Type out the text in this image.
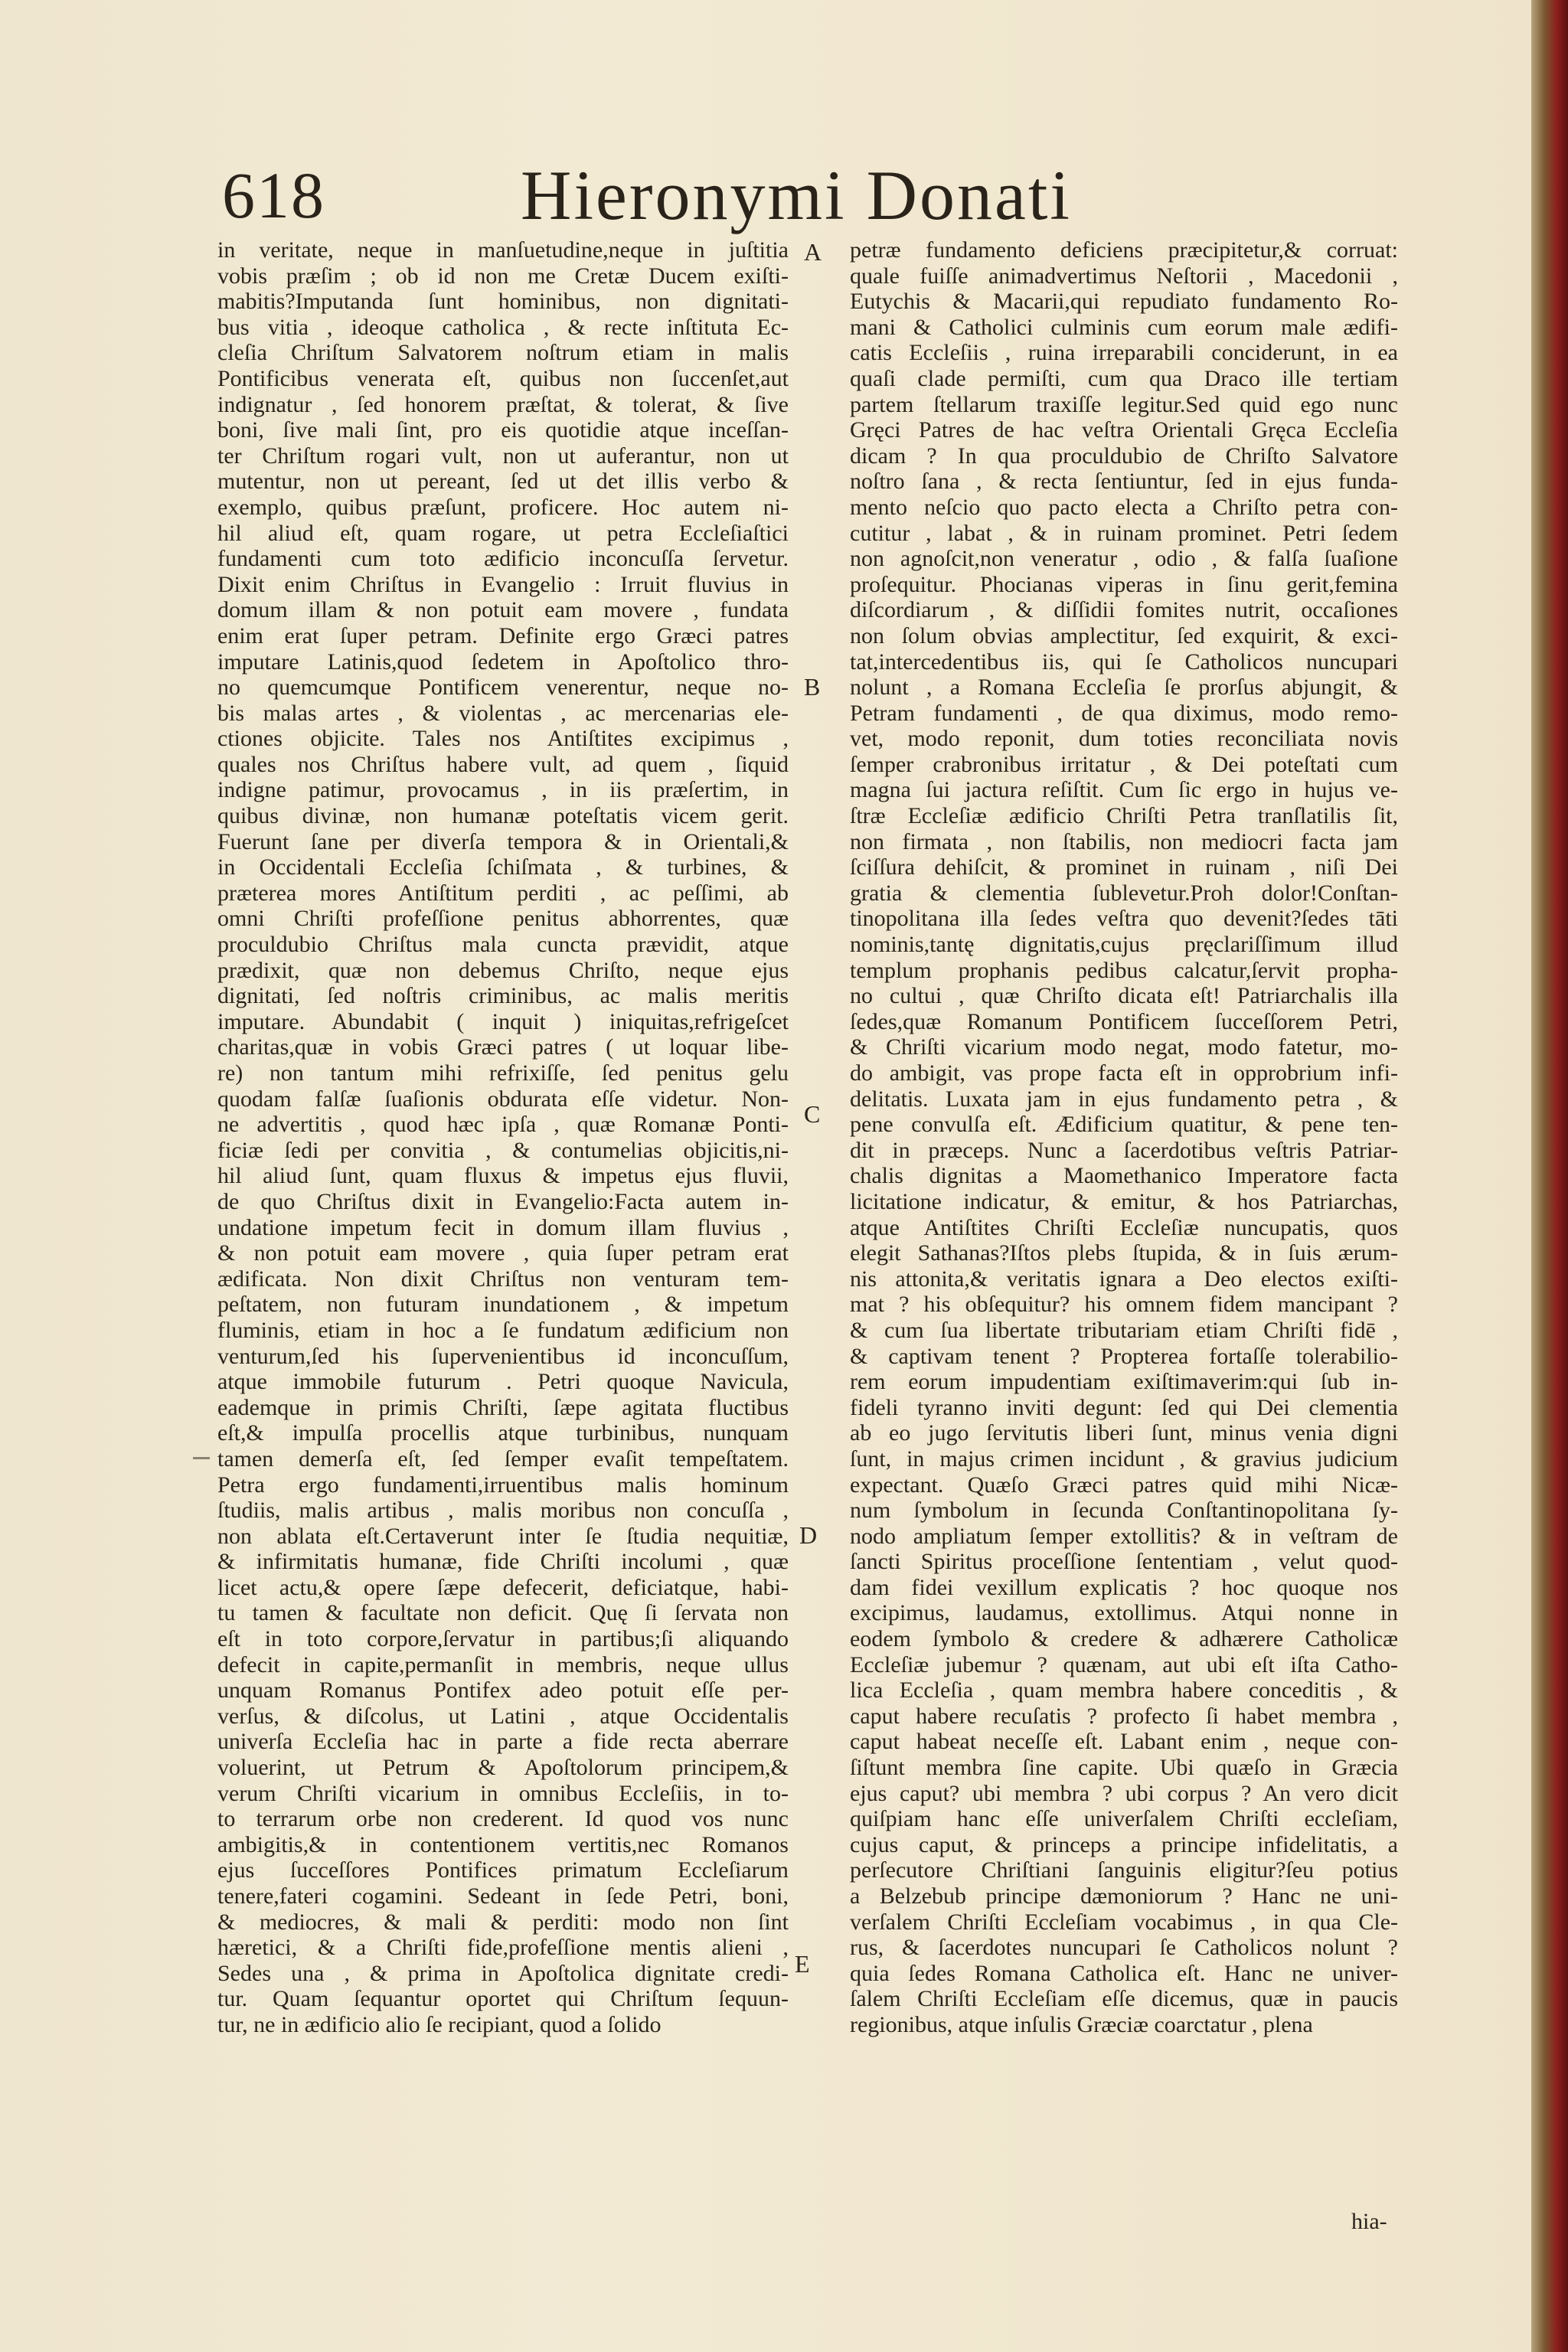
618	Hieronymi Donati

in veritate, neque in manſuetudine,neque in juſtitia

vobis præſim ; ob id non me Cretæ Ducem exiſti-

mabitis?Imputanda ſunt hominibus, non dignitati-

bus vitia , ideoque catholica , & recte inſtituta Ec-

cleſia Chriſtum Salvatorem noſtrum etiam in malis

Pontificibus venerata eſt, quibus non ſuccenſet,aut

indignatur , ſed honorem præſtat, & tolerat, & ſive

boni, ſive mali ſint, pro eis quotidie atque inceſſan-

ter Chriſtum rogari vult, non ut auferantur, non ut

mutentur, non ut pereant, ſed ut det illis verbo &

exemplo, quibus præſunt, proficere. Hoc autem ni-

hil aliud eſt, quam rogare, ut petra Eccleſiaſtici

fundamenti cum toto ædificio inconcuſſa ſervetur.

Dixit enim Chriſtus in Evangelio : Irruit fluvius in

domum illam & non potuit eam movere , fundata

enim erat ſuper petram. Definite ergo Græci patres

imputare Latinis,quod ſedetem in Apoſtolico thro-

no quemcumque Pontificem venerentur, neque no-

bis malas artes , & violentas , ac mercenarias ele-

ctiones objicite. Tales nos Antiſtites excipimus ,

quales nos Chriſtus habere vult, ad quem , ſiquid

indigne patimur, provocamus , in iis præſertim, in

quibus divinæ, non humanæ poteſtatis vicem gerit.

Fuerunt ſane per diverſa tempora & in Orientali,&

in Occidentali Eccleſia ſchiſmata , & turbines, &

præterea mores Antiſtitum perditi , ac peſſimi, ab

omni Chriſti profeſſione penitus abhorrentes, quæ

proculdubio Chriſtus mala cuncta prævidit, atque

prædixit, quæ non debemus Chriſto, neque ejus

dignitati, ſed noſtris criminibus, ac malis meritis

imputare. Abundabit ( inquit ) iniquitas,refrigeſcet

charitas,quæ in vobis Græci patres ( ut loquar libe-

re) non tantum mihi refrixiſſe, ſed penitus gelu

quodam falſæ ſuaſionis obdurata eſſe videtur. Non-

ne advertitis , quod hæc ipſa , quæ Romanæ Ponti-

ficiæ ſedi per convitia , & contumelias objicitis,ni-

hil aliud ſunt, quam fluxus & impetus ejus fluvii,

de quo Chriſtus dixit in Evangelio:Facta autem in-

undatione impetum fecit in domum illam fluvius ,

& non potuit eam movere , quia ſuper petram erat

ædificata. Non dixit Chriſtus non venturam tem-

peſtatem, non futuram inundationem , & impetum

fluminis, etiam in hoc a ſe fundatum ædificium non

venturum,ſed his ſupervenientibus id inconcuſſum,

atque immobile futurum . Petri quoque Navicula,

eademque in primis Chriſti, ſæpe agitata fluctibus

eſt,& impulſa procellis atque turbinibus, nunquam

tamen demerſa eſt, ſed ſemper evaſit tempeſtatem.

Petra ergo fundamenti,irruentibus malis hominum

ſtudiis, malis artibus , malis moribus non concuſſa ,

non ablata eſt.Certaverunt inter ſe ſtudia nequitiæ,

& infirmitatis humanæ, fide Chriſti incolumi , quæ

licet actu,& opere ſæpe defecerit, deficiatque, habi-

tu tamen & facultate non deficit. Quę ſi ſervata non

eſt in toto corpore,ſervatur in partibus;ſi aliquando

defecit in capite,permanſit in membris, neque ullus

unquam Romanus Pontifex adeo potuit eſſe per-

verſus, & diſcolus, ut Latini , atque Occidentalis

univerſa Eccleſia hac in parte a fide recta aberrare

voluerint, ut Petrum & Apoſtolorum principem,&

verum Chriſti vicarium in omnibus Eccleſiis, in to-

to terrarum orbe non crederent. Id quod vos nunc

ambigitis,& in contentionem vertitis,nec Romanos

ejus ſucceſſores Pontifices primatum Eccleſiarum

tenere,fateri cogamini. Sedeant in ſede Petri, boni,

& mediocres, & mali & perditi: modo non ſint

hæretici, & a Chriſti fide,profeſſione mentis alieni ,

Sedes una , & prima in Apoſtolica dignitate credi-

tur. Quam ſequantur oportet qui Chriſtum ſequun-

tur, ne in ædificio alio ſe recipiant, quod a ſolido

petræ fundamento deficiens præcipitetur,& corruat:

quale fuiſſe animadvertimus Neſtorii , Macedonii ,

Eutychis & Macarii,qui repudiato fundamento Ro-

mani & Catholici culminis cum eorum male ædifi-

catis Eccleſiis , ruina irreparabili conciderunt, in ea

quaſi clade permiſti, cum qua Draco ille tertiam

partem ſtellarum traxiſſe legitur.Sed quid ego nunc

Gręci Patres de hac veſtra Orientali Gręca Eccleſia

dicam ? In qua proculdubio de Chriſto Salvatore

noſtro ſana , & recta ſentiuntur, ſed in ejus funda-

mento neſcio quo pacto electa a Chriſto petra con-

cutitur , labat , & in ruinam prominet. Petri ſedem

non agnoſcit,non veneratur , odio , & falſa ſuaſione

proſequitur. Phocianas viperas in ſinu gerit,femina

diſcordiarum , & diſſidii fomites nutrit, occaſiones

non ſolum obvias amplectitur, ſed exquirit, & exci-

tat,intercedentibus iis, qui ſe Catholicos nuncupari

nolunt , a Romana Eccleſia ſe prorſus abjungit, &

Petram fundamenti , de qua diximus, modo remo-

vet, modo reponit, dum toties reconciliata novis

ſemper crabronibus irritatur , & Dei poteſtati cum

magna ſui jactura reſiſtit. Cum ſic ergo in hujus ve-

ſtræ Eccleſiæ ædificio Chriſti Petra tranſlatilis ſit,

non firmata , non ſtabilis, non mediocri facta jam

ſciſſura dehiſcit, & prominet in ruinam , niſi Dei

gratia & clementia ſublevetur.Proh dolor!Conſtan-

tinopolitana illa ſedes veſtra quo devenit?ſedes tāti

nominis,tantę dignitatis,cujus pręclariſſimum illud

templum prophanis pedibus calcatur,ſervit propha-

no cultui , quæ Chriſto dicata eſt! Patriarchalis illa

ſedes,quæ Romanum Pontificem ſucceſſorem Petri,

& Chriſti vicarium modo negat, modo fatetur, mo-

do ambigit, vas prope facta eſt in opprobrium infi-

delitatis. Luxata jam in ejus fundamento petra , &

pene convulſa eſt. Ædificium quatitur, & pene ten-

dit in præceps. Nunc a ſacerdotibus veſtris Patriar-

chalis dignitas a Maomethanico Imperatore facta

licitatione indicatur, & emitur, & hos Patriarchas,

atque Antiſtites Chriſti Eccleſiæ nuncupatis, quos

elegit Sathanas?Iſtos plebs ſtupida, & in ſuis ærum-

nis attonita,& veritatis ignara a Deo electos exiſti-

mat ? his obſequitur? his omnem fidem mancipant ?

& cum ſua libertate tributariam etiam Chriſti fidē ,

& captivam tenent ? Propterea fortaſſe tolerabilio-

rem eorum impudentiam exiſtimaverim:qui ſub in-

fideli tyranno inviti degunt: ſed qui Dei clementia

ab eo jugo ſervitutis liberi ſunt, minus venia digni

ſunt, in majus crimen incidunt , & gravius judicium

expectant. Quæſo Græci patres quid mihi Nicæ-

num ſymbolum in ſecunda Conſtantinopolitana ſy-

nodo ampliatum ſemper extollitis? & in veſtram de

ſancti Spiritus proceſſione ſententiam , velut quod-

dam fidei vexillum explicatis ? hoc quoque nos

excipimus, laudamus, extollimus. Atqui nonne in

eodem ſymbolo & credere & adhærere Catholicæ

Eccleſiæ jubemur ? quænam, aut ubi eſt iſta Catho-

lica Eccleſia , quam membra habere conceditis , &

caput habere recuſatis ? profecto ſi habet membra ,

caput habeat neceſſe eſt. Labant enim , neque con-

ſiſtunt membra ſine capite. Ubi quæſo in Græcia

ejus caput? ubi membra ? ubi corpus ? An vero dicit

quiſpiam hanc eſſe univerſalem Chriſti eccleſiam,

cujus caput, & princeps a principe infidelitatis, a

perſecutore Chriſtiani ſanguinis eligitur?ſeu potius

a Belzebub principe dæmoniorum ? Hanc ne uni-

verſalem Chriſti Eccleſiam vocabimus , in qua Cle-

rus, & ſacerdotes nuncupari ſe Catholicos nolunt ?

quia ſedes Romana Catholica eſt. Hanc ne univer-

ſalem Chriſti Eccleſiam eſſe dicemus, quæ in paucis

regionibus, atque inſulis Græciæ coarctatur , plena

A
B
C
D
E
hia-
